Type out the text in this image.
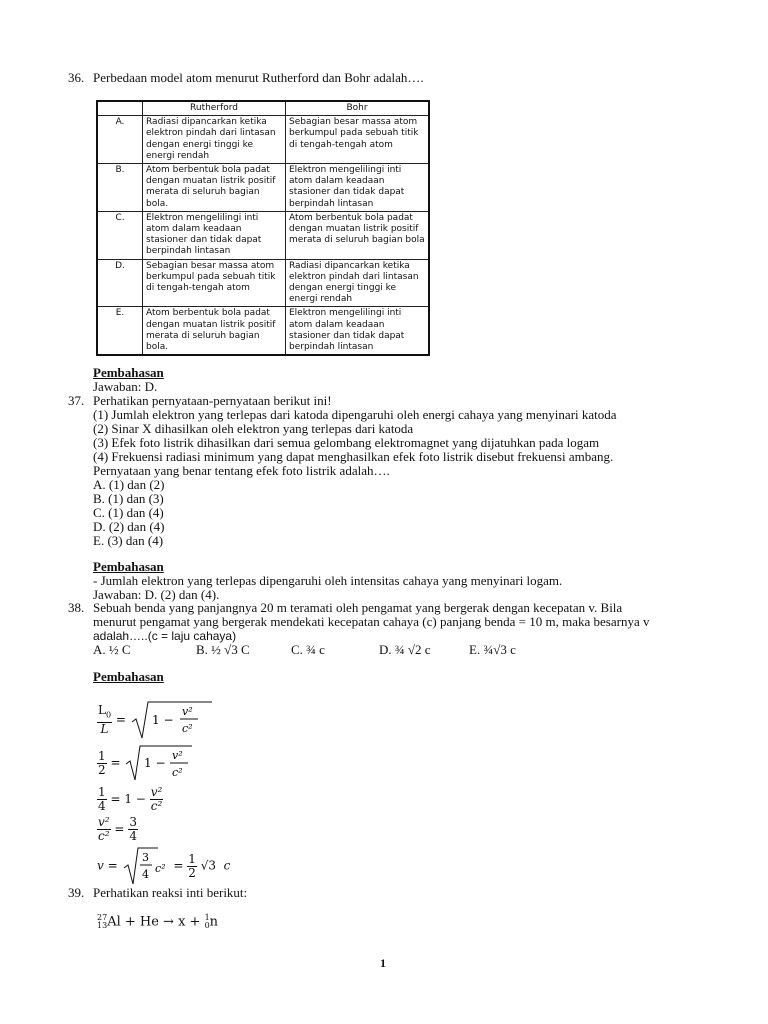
36. Perbedaan model atom menurut Rutherford dan Bohr adalah….
	Rutherford	Bohr
A.	Radiasi dipancarkan ketika elektron pindah dari lintasan dengan energi tinggi ke energi rendah	Sebagian besar massa atom berkumpul pada sebuah titik di tengah-tengah atom
B.	Atom berbentuk bola padat dengan muatan listrik positif merata di seluruh bagian bola.	Elektron mengelilingi inti atom dalam keadaan stasioner dan tidak dapat berpindah lintasan
C.	Elektron mengelilingi inti atom dalam keadaan stasioner dan tidak dapat berpindah lintasan	Atom berbentuk bola padat dengan muatan listrik positif merata di seluruh bagian bola
D.	Sebagian besar massa atom berkumpul pada sebuah titik di tengah-tengah atom	Radiasi dipancarkan ketika elektron pindah dari lintasan dengan energi tinggi ke energi rendah
E.	Atom berbentuk bola padat dengan muatan listrik positif merata di seluruh bagian bola.	Elektron mengelilingi inti atom dalam keadaan stasioner dan tidak dapat berpindah lintasan
Pembahasan
Jawaban: D.
37. Perhatikan pernyataan-pernyataan berikut ini!
(1) Jumlah elektron yang terlepas dari katoda dipengaruhi oleh energi cahaya yang menyinari katoda
(2) Sinar X dihasilkan oleh elektron yang terlepas dari katoda
(3) Efek foto listrik dihasilkan dari semua gelombang elektromagnet yang dijatuhkan pada logam
(4) Frekuensi radiasi minimum yang dapat menghasilkan efek foto listrik disebut frekuensi ambang.
Pernyataan yang benar tentang efek foto listrik adalah….
A. (1) dan (2)
B. (1) dan (3)
C. (1) dan (4)
D. (2) dan (4)
E. (3) dan (4)
Pembahasan
- Jumlah elektron yang terlepas dipengaruhi oleh intensitas cahaya yang menyinari logam.
Jawaban: D. (2) dan (4).
38. Sebuah benda yang panjangnya 20 m teramati oleh pengamat yang bergerak dengan kecepatan v. Bila
menurut pengamat yang bergerak mendekati kecepatan cahaya (c) panjang benda = 10 m, maka besarnya v
adalah…..(c = laju cahaya)
A. ½ C	B. ½ √3 C	C. ¾ c	D. ¾ √2 c	E. ¾√3 c
Pembahasan
$\frac{L_0}{L} = 1$ −
v²
c²
$\frac{1}{2} = 1$ −
v²
c²
$\frac{1}{4} = 1 - \frac{\text{v²}}{\text{c²}}$
$\frac{\text{v²}}{\text{c²}} = \frac{3}{4}$
v =
3
4 $c^2 = \frac{1}{2} √3$ c
39. Perhatikan reaksi inti berikut:
27
13 Al + He → x + 1
0 n
1
